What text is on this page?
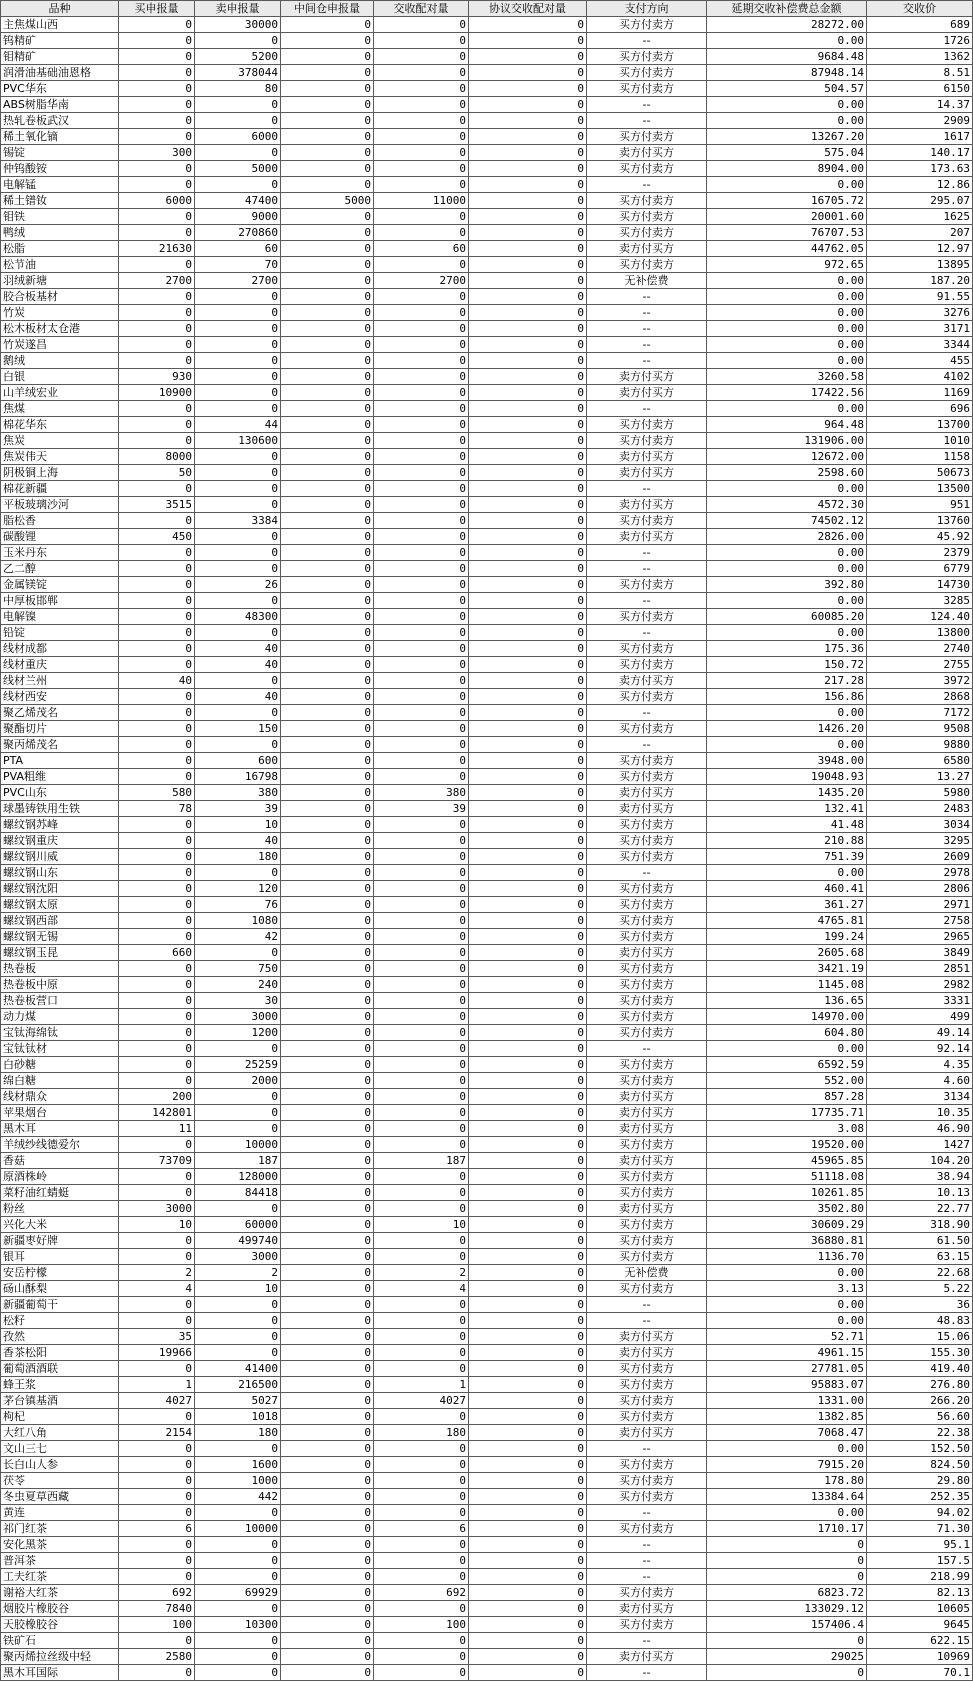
品种	买申报量	卖申报量	中间仓申报量	交收配对量	协议交收配对量	支付方向	延期交收补偿费总金额	交收价
主焦煤山西	0	30000	0	0	0	买方付卖方	28272.00	689
钨精矿	0	0	0	0	0	--	0.00	1726
钼精矿	0	5200	0	0	0	买方付卖方	9684.48	1362
润滑油基础油恩格	0	378044	0	0	0	买方付卖方	87948.14	8.51
PVC华东	0	80	0	0	0	买方付卖方	504.57	6150
ABS树脂华南	0	0	0	0	0	--	0.00	14.37
热轧卷板武汉	0	0	0	0	0	--	0.00	2909
稀土氧化镝	0	6000	0	0	0	买方付卖方	13267.20	1617
锡锭	300	0	0	0	0	卖方付买方	575.04	140.17
仲钨酸铵	0	5000	0	0	0	买方付卖方	8904.00	173.63
电解锰	0	0	0	0	0	--	0.00	12.86
稀土镨钕	6000	47400	5000	11000	0	买方付卖方	16705.72	295.07
钼铁	0	9000	0	0	0	买方付卖方	20001.60	1625
鸭绒	0	270860	0	0	0	买方付卖方	76707.53	207
松脂	21630	60	0	60	0	卖方付买方	44762.05	12.97
松节油	0	70	0	0	0	买方付卖方	972.65	13895
羽绒新塘	2700	2700	0	2700	0	无补偿费	0.00	187.20
胶合板基材	0	0	0	0	0	--	0.00	91.55
竹炭	0	0	0	0	0	--	0.00	3276
松木板材太仓港	0	0	0	0	0	--	0.00	3171
竹炭遂昌	0	0	0	0	0	--	0.00	3344
鹅绒	0	0	0	0	0	--	0.00	455
白银	930	0	0	0	0	卖方付买方	3260.58	4102
山羊绒宏业	10900	0	0	0	0	卖方付买方	17422.56	1169
焦煤	0	0	0	0	0	--	0.00	696
棉花华东	0	44	0	0	0	买方付卖方	964.48	13700
焦炭	0	130600	0	0	0	买方付卖方	131906.00	1010
焦炭伟天	8000	0	0	0	0	卖方付买方	12672.00	1158
阴极铜上海	50	0	0	0	0	卖方付买方	2598.60	50673
棉花新疆	0	0	0	0	0	--	0.00	13500
平板玻璃沙河	3515	0	0	0	0	卖方付买方	4572.30	951
脂松香	0	3384	0	0	0	买方付卖方	74502.12	13760
碳酸锂	450	0	0	0	0	卖方付买方	2826.00	45.92
玉米丹东	0	0	0	0	0	--	0.00	2379
乙二醇	0	0	0	0	0	--	0.00	6779
金属镁锭	0	26	0	0	0	买方付卖方	392.80	14730
中厚板邯郸	0	0	0	0	0	--	0.00	3285
电解镍	0	48300	0	0	0	买方付卖方	60085.20	124.40
铅锭	0	0	0	0	0	--	0.00	13800
线材成都	0	40	0	0	0	买方付卖方	175.36	2740
线材重庆	0	40	0	0	0	买方付卖方	150.72	2755
线材兰州	40	0	0	0	0	卖方付买方	217.28	3972
线材西安	0	40	0	0	0	买方付卖方	156.86	2868
聚乙烯茂名	0	0	0	0	0	--	0.00	7172
聚酯切片	0	150	0	0	0	买方付卖方	1426.20	9508
聚丙烯茂名	0	0	0	0	0	--	0.00	9880
PTA	0	600	0	0	0	买方付卖方	3948.00	6580
PVA粗维	0	16798	0	0	0	买方付卖方	19048.93	13.27
PVC山东	580	380	0	380	0	卖方付买方	1435.20	5980
球墨铸铁用生铁	78	39	0	39	0	卖方付买方	132.41	2483
螺纹钢苏峰	0	10	0	0	0	买方付卖方	41.48	3034
螺纹钢重庆	0	40	0	0	0	买方付卖方	210.88	3295
螺纹钢川威	0	180	0	0	0	买方付卖方	751.39	2609
螺纹钢山东	0	0	0	0	0	--	0.00	2978
螺纹钢沈阳	0	120	0	0	0	买方付卖方	460.41	2806
螺纹钢太原	0	76	0	0	0	买方付卖方	361.27	2971
螺纹钢西部	0	1080	0	0	0	买方付卖方	4765.81	2758
螺纹钢无锡	0	42	0	0	0	买方付卖方	199.24	2965
螺纹钢玉昆	660	0	0	0	0	卖方付买方	2605.68	3849
热卷板	0	750	0	0	0	买方付卖方	3421.19	2851
热卷板中原	0	240	0	0	0	买方付卖方	1145.08	2982
热卷板营口	0	30	0	0	0	买方付卖方	136.65	3331
动力煤	0	3000	0	0	0	买方付卖方	14970.00	499
宝钛海绵钛	0	1200	0	0	0	买方付卖方	604.80	49.14
宝钛钛材	0	0	0	0	0	--	0.00	92.14
白砂糖	0	25259	0	0	0	买方付卖方	6592.59	4.35
绵白糖	0	2000	0	0	0	买方付卖方	552.00	4.60
线材鼎众	200	0	0	0	0	卖方付买方	857.28	3134
苹果烟台	142801	0	0	0	0	卖方付买方	17735.71	10.35
黑木耳	11	0	0	0	0	卖方付买方	3.08	46.90
羊绒纱线德爱尔	0	10000	0	0	0	买方付卖方	19520.00	1427
香菇	73709	187	0	187	0	卖方付买方	45965.85	104.20
原酒株岭	0	128000	0	0	0	买方付卖方	51118.08	38.94
菜籽油红蜻蜓	0	84418	0	0	0	买方付卖方	10261.85	10.13
粉丝	3000	0	0	0	0	卖方付买方	3502.80	22.77
兴化大米	10	60000	0	10	0	买方付卖方	30609.29	318.90
新疆枣好牌	0	499740	0	0	0	买方付卖方	36880.81	61.50
银耳	0	3000	0	0	0	买方付卖方	1136.70	63.15
安岳柠檬	2	2	0	2	0	无补偿费	0.00	22.68
砀山酥梨	4	10	0	4	0	买方付卖方	3.13	5.22
新疆葡萄干	0	0	0	0	0	--	0.00	36
松籽	0	0	0	0	0	--	0.00	48.83
孜然	35	0	0	0	0	卖方付买方	52.71	15.06
香茶松阳	19966	0	0	0	0	卖方付买方	4961.15	155.30
葡萄酒酒联	0	41400	0	0	0	买方付卖方	27781.05	419.40
蜂王浆	1	216500	0	1	0	买方付卖方	95883.07	276.80
茅台镇基酒	4027	5027	0	4027	0	买方付卖方	1331.00	266.20
枸杞	0	1018	0	0	0	买方付卖方	1382.85	56.60
大红八角	2154	180	0	180	0	卖方付买方	7068.47	22.38
文山三七	0	0	0	0	0	--	0.00	152.50
长白山人参	0	1600	0	0	0	买方付卖方	7915.20	824.50
茯苓	0	1000	0	0	0	买方付卖方	178.80	29.80
冬虫夏草西藏	0	442	0	0	0	买方付卖方	13384.64	252.35
黄连	0	0	0	0	0	--	0.00	94.02
祁门红茶	6	10000	0	6	0	买方付卖方	1710.17	71.30
安化黑茶	0	0	0	0	0	--	0	95.1
普洱茶	0	0	0	0	0	--	0	157.5
工夫红茶	0	0	0	0	0	--	0	218.99
谢裕大红茶	692	69929	0	692	0	买方付卖方	6823.72	82.13
烟胶片橡胶谷	7840	0	0	0	0	卖方付买方	133029.12	10605
天胶橡胶谷	100	10300	0	100	0	买方付卖方	157406.4	9645
铁矿石	0	0	0	0	0	--	0	622.15
聚丙烯拉丝级中轻	2580	0	0	0	0	卖方付买方	29025	10969
黑木耳国际	0	0	0	0	0	--	0	70.1
